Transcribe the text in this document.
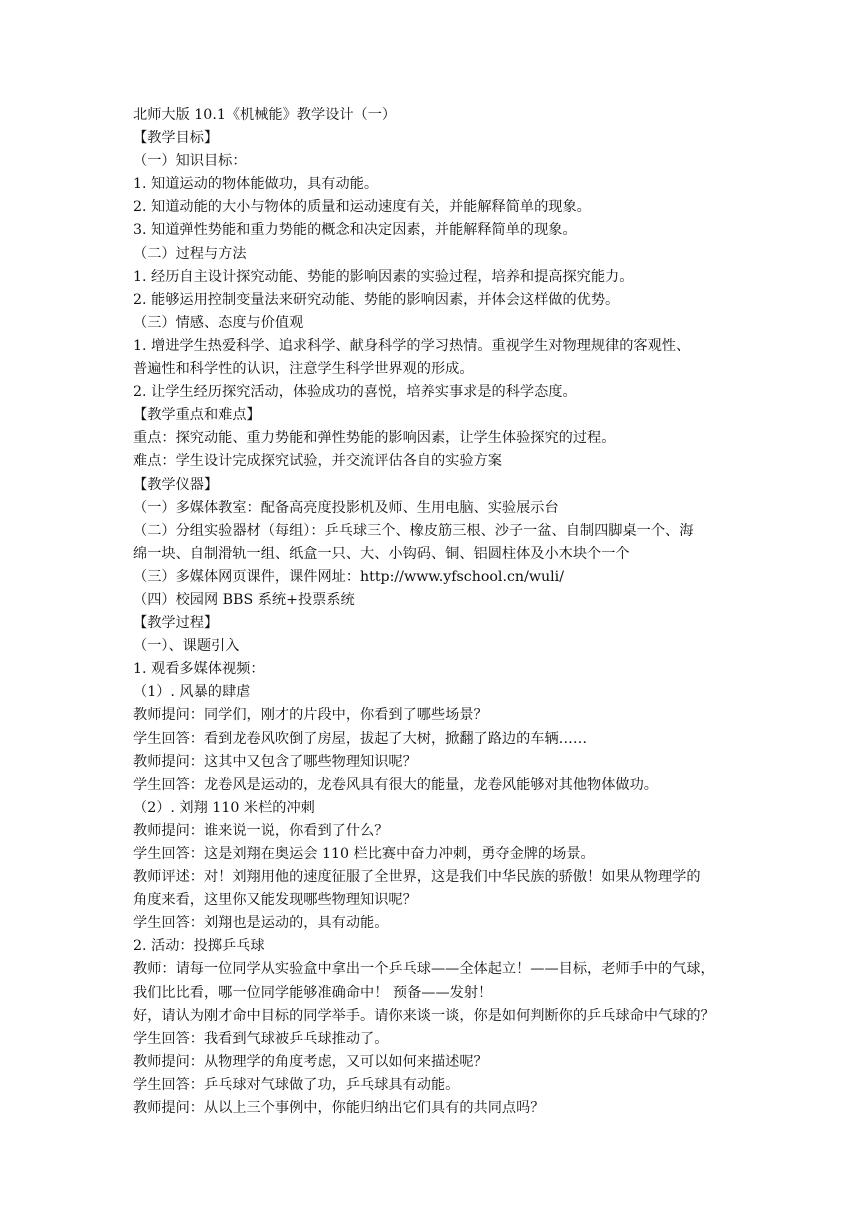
北师大版 10.1《机械能》教学设计（一）
【教学目标】
（一）知识目标：
1. 知道运动的物体能做功，具有动能。
2. 知道动能的大小与物体的质量和运动速度有关，并能解释简单的现象。
3. 知道弹性势能和重力势能的概念和决定因素，并能解释简单的现象。
（二）过程与方法
1. 经历自主设计探究动能、势能的影响因素的实验过程，培养和提高探究能力。
2. 能够运用控制变量法来研究动能、势能的影响因素，并体会这样做的优势。
（三）情感、态度与价值观
1. 增进学生热爱科学、追求科学、献身科学的学习热情。重视学生对物理规律的客观性、
普遍性和科学性的认识，注意学生科学世界观的形成。
2. 让学生经历探究活动，体验成功的喜悦，培养实事求是的科学态度。
【教学重点和难点】
重点：探究动能、重力势能和弹性势能的影响因素，让学生体验探究的过程。
难点：学生设计完成探究试验，并交流评估各自的实验方案
【教学仪器】
（一）多媒体教室：配备高亮度投影机及师、生用电脑、实验展示台
（二）分组实验器材（每组）：乒乓球三个、橡皮筋三根、沙子一盆、自制四脚桌一个、海
绵一块、自制滑轨一组、纸盒一只、大、小钩码、铜、铝圆柱体及小木块个一个
（三）多媒体网页课件，课件网址：http://www.yfschool.cn/wuli/
（四）校园网 BBS 系统+投票系统
【教学过程】
（一）、课题引入
1. 观看多媒体视频：
（1）. 风暴的肆虐
教师提问：同学们，刚才的片段中，你看到了哪些场景？
学生回答：看到龙卷风吹倒了房屋，拔起了大树，掀翻了路边的车辆……
教师提问：这其中又包含了哪些物理知识呢？
学生回答：龙卷风是运动的，龙卷风具有很大的能量，龙卷风能够对其他物体做功。
（2）. 刘翔 110 米栏的冲刺
教师提问：谁来说一说，你看到了什么？
学生回答：这是刘翔在奥运会 110 栏比赛中奋力冲刺，勇夺金牌的场景。
教师评述：对！刘翔用他的速度征服了全世界，这是我们中华民族的骄傲！如果从物理学的
角度来看，这里你又能发现哪些物理知识呢？
学生回答：刘翔也是运动的，具有动能。
2. 活动：投掷乒乓球
教师：请每一位同学从实验盒中拿出一个乒乓球——全体起立！——目标，老师手中的气球，
我们比比看，哪一位同学能够准确命中！ 预备——发射！
好，请认为刚才命中目标的同学举手。请你来谈一谈，你是如何判断你的乒乓球命中气球的？
学生回答：我看到气球被乒乓球推动了。
教师提问：从物理学的角度考虑，又可以如何来描述呢？
学生回答：乒乓球对气球做了功，乒乓球具有动能。
教师提问：从以上三个事例中，你能归纳出它们具有的共同点吗？
